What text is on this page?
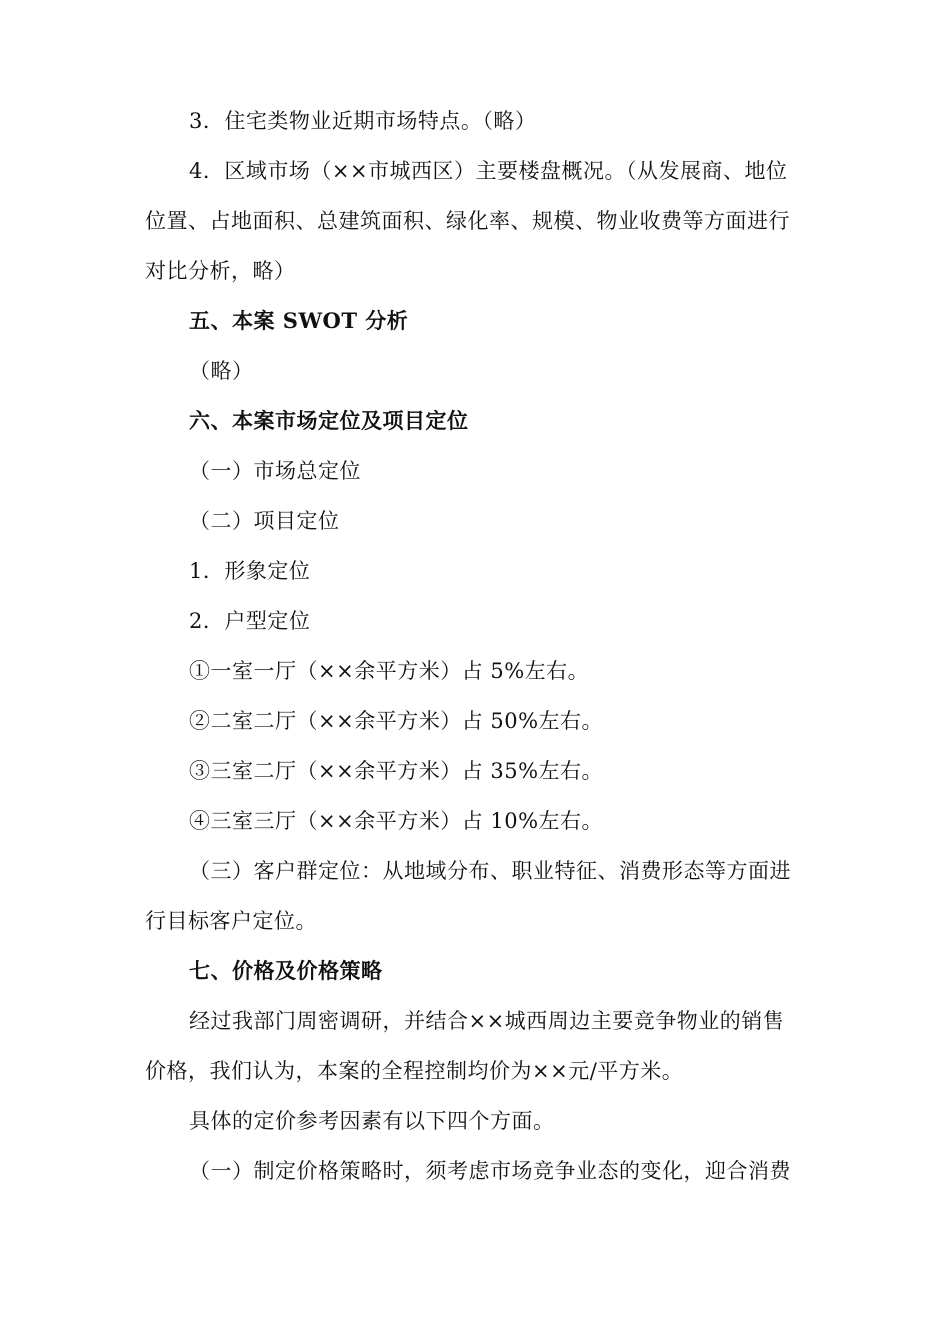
3．住宅类物业近期市场特点。（略）
4．区域市场（××市城西区）主要楼盘概况。（从发展商、地位
位置、占地面积、总建筑面积、绿化率、规模、物业收费等方面进行
对比分析，略）
五、本案 SWOT 分析
（略）
六、本案市场定位及项目定位
（一）市场总定位
（二）项目定位
1．形象定位
2．户型定位
①一室一厅（××余平方米）占 5%左右。
②二室二厅（××余平方米）占 50%左右。
③三室二厅（××余平方米）占 35%左右。
④三室三厅（××余平方米）占 10%左右。
（三）客户群定位：从地域分布、职业特征、消费形态等方面进
行目标客户定位。
七、价格及价格策略
经过我部门周密调研，并结合××城西周边主要竞争物业的销售
价格，我们认为，本案的全程控制均价为××元/平方米。
具体的定价参考因素有以下四个方面。
（一）制定价格策略时，须考虑市场竞争业态的变化，迎合消费
